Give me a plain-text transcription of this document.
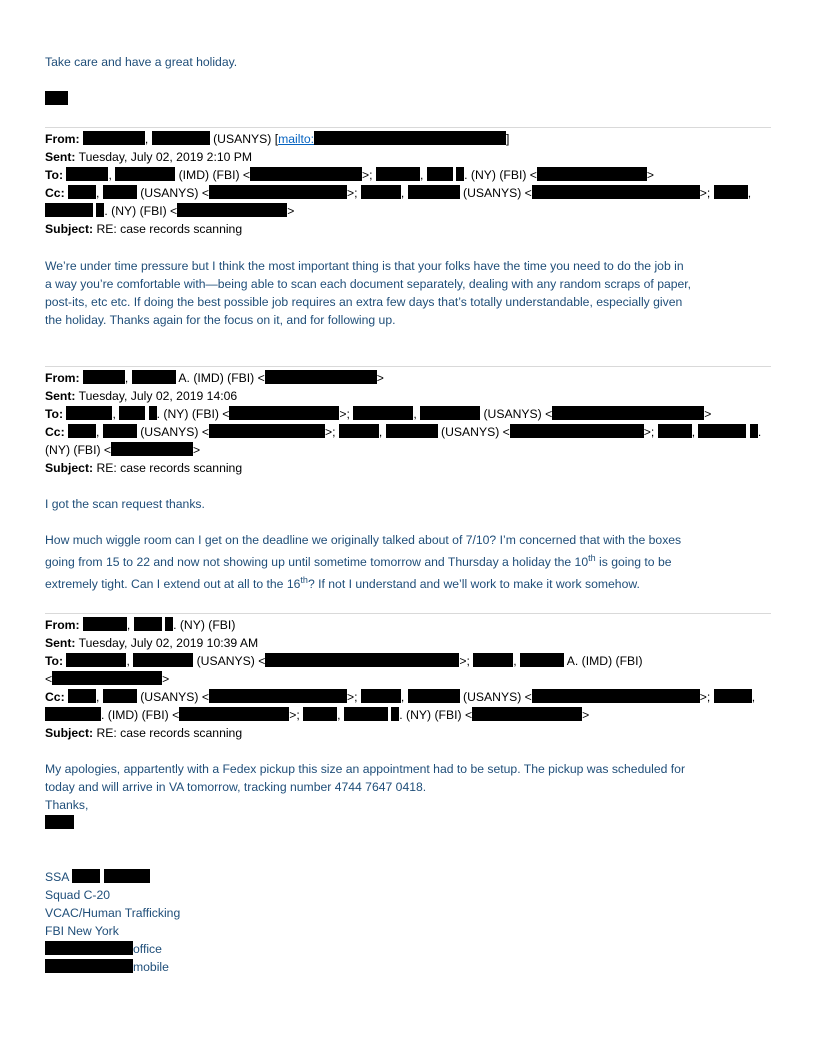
Take care and have a great holiday.
From:	,	(USANYS) [mailto:	]
Sent: Tuesday, July 02, 2019 2:10 PM
To:	,	(IMD) (FBI) <	>;	,	. (NY) (FBI) <	>
Cc:	,	(USANYS) <	>;	,	(USANYS) <	>;	,
. (NY) (FBI) <	>
Subject: RE: case records scanning
We’re under time pressure but I think the most important thing is that your folks have the time you need to do the job in
a way you’re comfortable with—being able to scan each document separately, dealing with any random scraps of paper,
post-its, etc etc. If doing the best possible job requires an extra few days that’s totally understandable, especially given
the holiday. Thanks again for the focus on it, and for following up.
From:	,	A. (IMD) (FBI) <	>
Sent: Tuesday, July 02, 2019 14:06
To:	,	. (NY) (FBI) <	>;	,	(USANYS) <	>
Cc:	,	(USANYS) <	>;	,	(USANYS) <	>;	,	.
(NY) (FBI) <	>
Subject: RE: case records scanning
I got the scan request thanks.
How much wiggle room can I get on the deadline we originally talked about of 7/10? I’m concerned that with the boxes
going from 15 to 22 and now not showing up until sometime tomorrow and Thursday a holiday the 10th is going to be
extremely tight. Can I extend out at all to the 16th? If not I understand and we’ll work to make it work somehow.
From:	,	. (NY) (FBI)
Sent: Tuesday, July 02, 2019 10:39 AM
To:	,	(USANYS) <	>;	,	A. (IMD) (FBI)
<	>
Cc:	,	(USANYS) <	>;	,	(USANYS) <	>;	,
. (IMD) (FBI) <	>;	,	. (NY) (FBI) <	>
Subject: RE: case records scanning
My apologies, appartently with a Fedex pickup this size an appointment had to be setup. The pickup was scheduled for
today and will arrive in VA tomorrow, tracking number 4744 7647 0418.
Thanks,
SSA
Squad C-20
VCAC/Human Trafficking
FBI New York
office
mobile
